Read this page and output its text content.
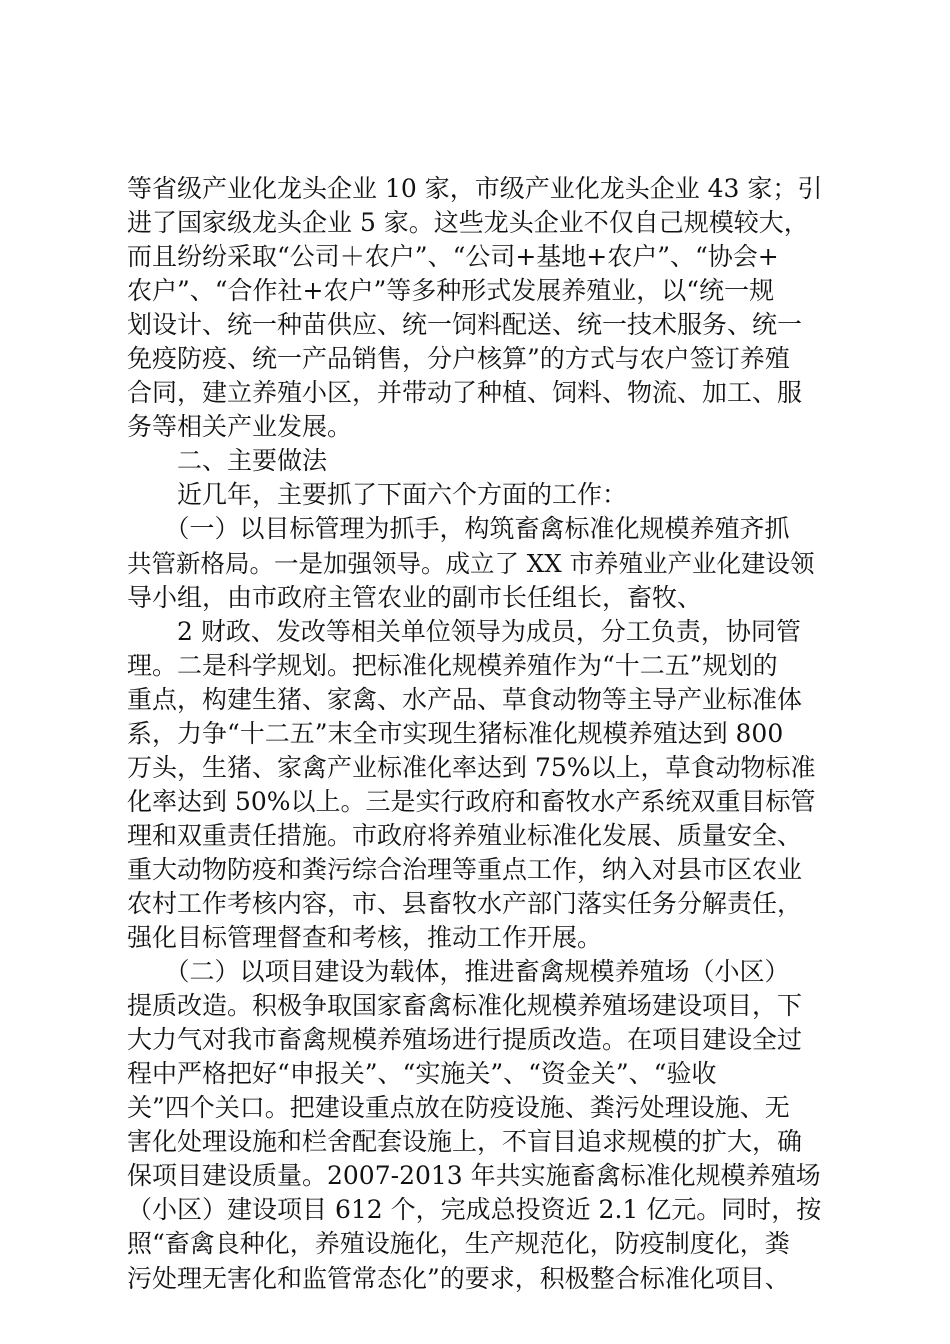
等省级产业化龙头企业 10 家，市级产业化龙头企业 43 家；引
进了国家级龙头企业 5 家。这些龙头企业不仅自己规模较大，
而且纷纷采取“公司＋农户”、“公司+基地+农户”、“协会+
农户”、“合作社+农户”等多种形式发展养殖业，以“统一规
划设计、统一种苗供应、统一饲料配送、统一技术服务、统一
免疫防疫、统一产品销售，分户核算”的方式与农户签订养殖
合同，建立养殖小区，并带动了种植、饲料、物流、加工、服
务等相关产业发展。
　　二、主要做法
　　近几年，主要抓了下面六个方面的工作：
　　（一）以目标管理为抓手，构筑畜禽标准化规模养殖齐抓
共管新格局。一是加强领导。成立了 XX 市养殖业产业化建设领
导小组，由市政府主管农业的副市长任组长，畜牧、
　　2 财政、发改等相关单位领导为成员，分工负责，协同管
理。二是科学规划。把标准化规模养殖作为“十二五”规划的
重点，构建生猪、家禽、水产品、草食动物等主导产业标准体
系，力争“十二五”末全市实现生猪标准化规模养殖达到 800
万头，生猪、家禽产业标准化率达到 75%以上，草食动物标准
化率达到 50%以上。三是实行政府和畜牧水产系统双重目标管
理和双重责任措施。市政府将养殖业标准化发展、质量安全、
重大动物防疫和粪污综合治理等重点工作，纳入对县市区农业
农村工作考核内容，市、县畜牧水产部门落实任务分解责任，
强化目标管理督查和考核，推动工作开展。
　　（二）以项目建设为载体，推进畜禽规模养殖场（小区）
提质改造。积极争取国家畜禽标准化规模养殖场建设项目，下
大力气对我市畜禽规模养殖场进行提质改造。在项目建设全过
程中严格把好“申报关”、“实施关”、“资金关”、“验收
关”四个关口。把建设重点放在防疫设施、粪污处理设施、无
害化处理设施和栏舍配套设施上，不盲目追求规模的扩大，确
保项目建设质量。2007-2013 年共实施畜禽标准化规模养殖场
（小区）建设项目 612 个，完成总投资近 2.1 亿元。同时，按
照“畜禽良种化，养殖设施化，生产规范化，防疫制度化，粪
污处理无害化和监管常态化”的要求，积极整合标准化项目、
